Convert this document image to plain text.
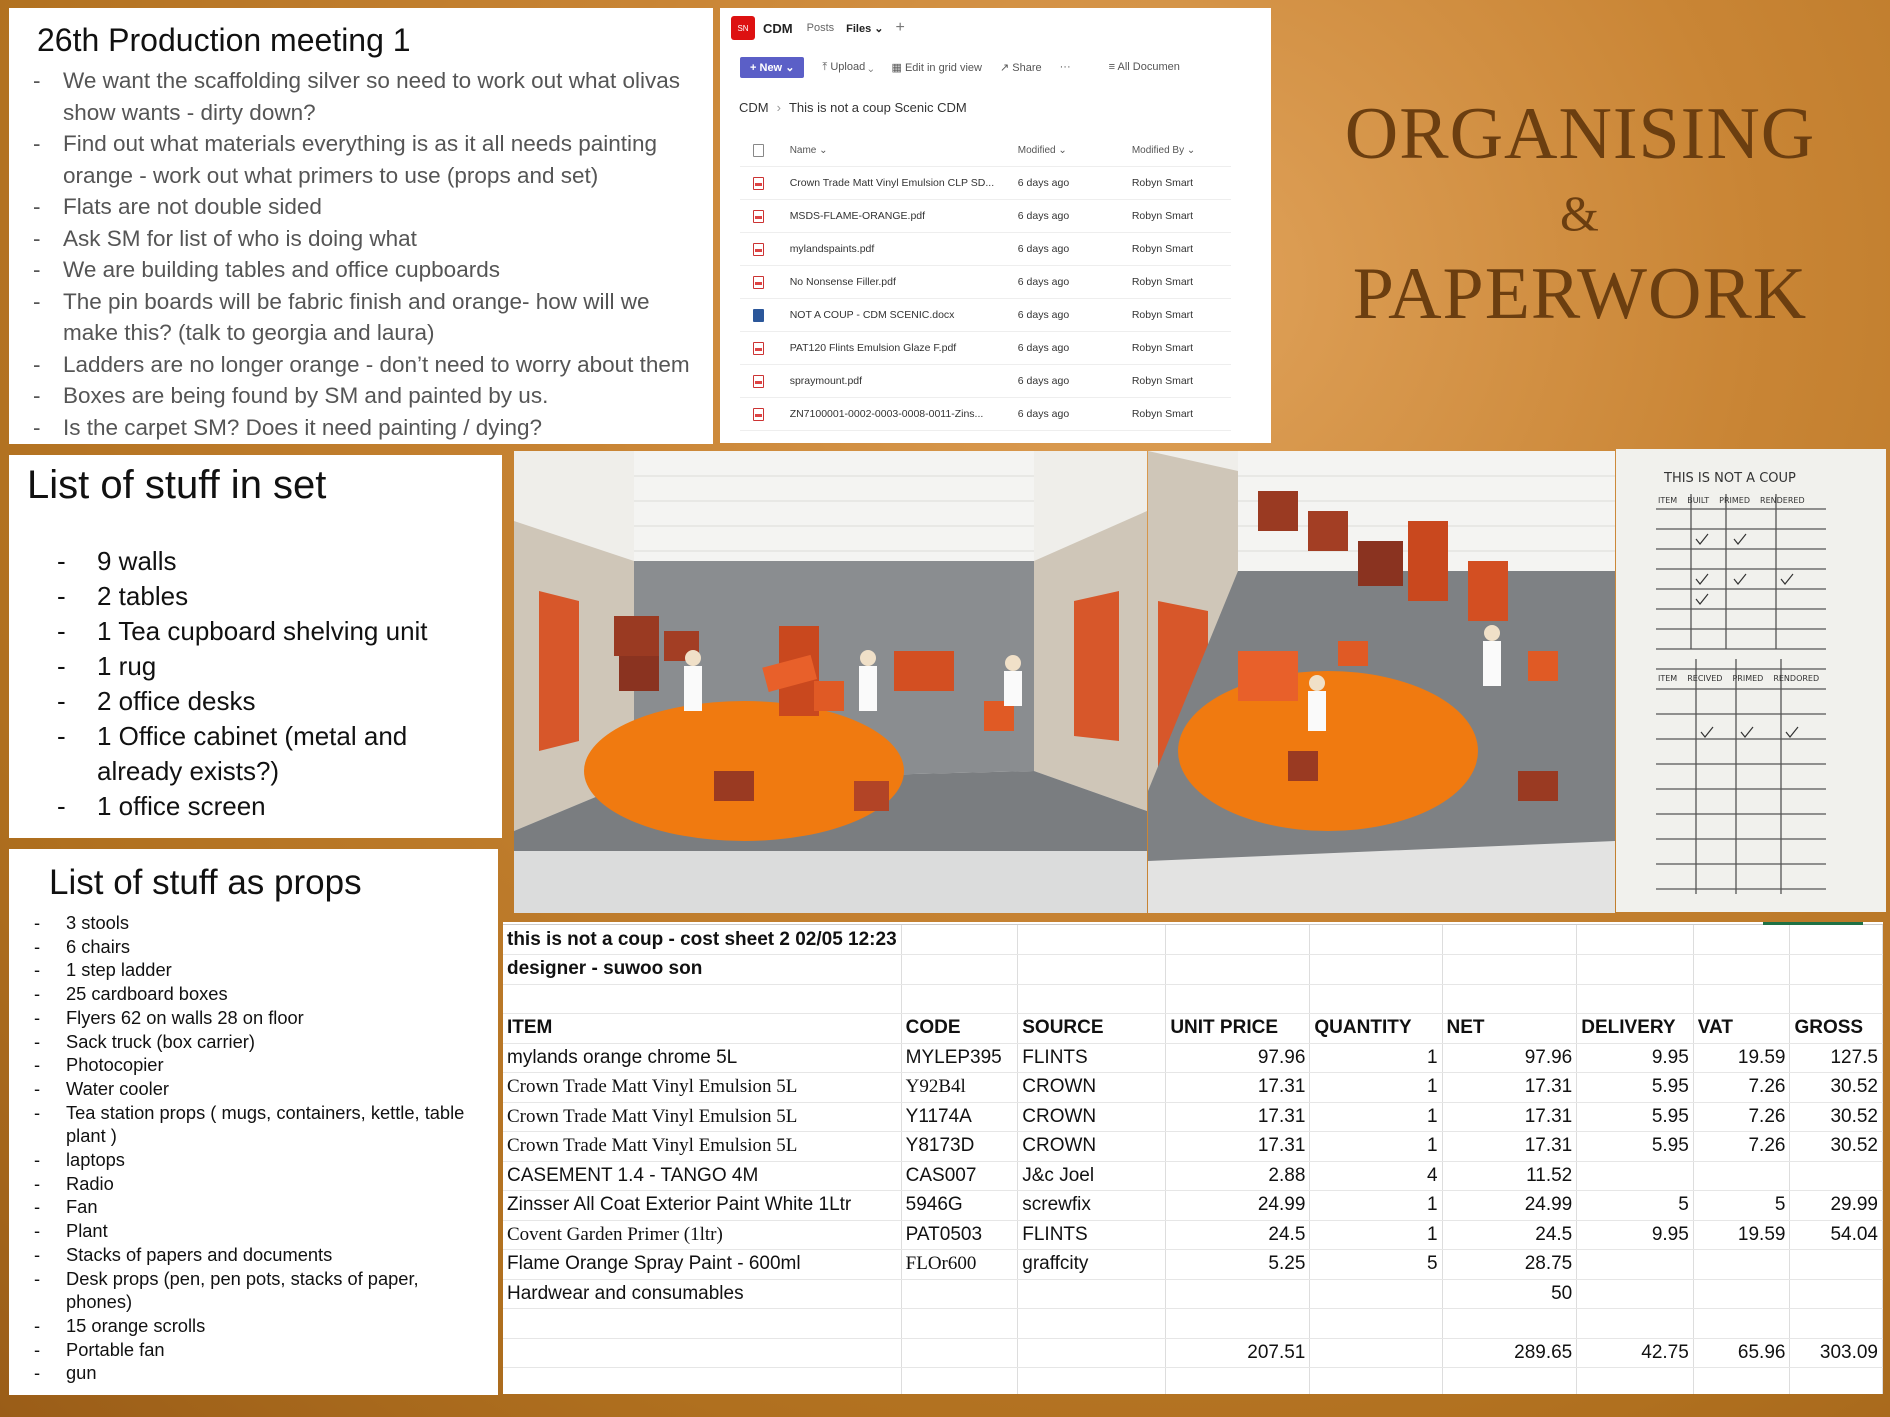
26th Production meeting 1
- We want the scaffolding silver so need to work out what olivas show wants - dirty down?
- Find out what materials everything is as it all needs painting orange - work out what primers to use (props and set)
- Flats are not double sided
- Ask SM for list of who is doing what
- We are building tables and office cupboards
- The pin boards will be fabric finish and orange- how will we make this? (talk to georgia and laura)
- Ladders are no longer orange - don’t need to worry about them
- Boxes are being found by SM and painted by us.
- Is the carpet SM? Does it need painting / dying?
SN	CDM Posts Files ⌄ +
+ New ⌄	⤒ Upload ⌄ ▦ Edit in grid view ↗ Share ···	≡ All Documen
CDM › This is not a coup Scenic CDM
Name ⌄	Modified ⌄	Modified By ⌄
Crown Trade Matt Vinyl Emulsion CLP SD...	6 days ago	Robyn Smart
MSDS-FLAME-ORANGE.pdf	6 days ago	Robyn Smart
mylandspaints.pdf	6 days ago	Robyn Smart
No Nonsense Filler.pdf	6 days ago	Robyn Smart
NOT A COUP - CDM SCENIC.docx	6 days ago	Robyn Smart
PAT120 Flints Emulsion Glaze F.pdf	6 days ago	Robyn Smart
spraymount.pdf	6 days ago	Robyn Smart
ZN7100001-0002-0003-0008-0011-Zins...	6 days ago	Robyn Smart
ORGANISING
&
PAPERWORK
List of stuff in set
- 9 walls
- 2 tables
- 1 Tea cupboard shelving unit
- 1 rug
- 2 office desks
- 1 Office cabinet (metal and already exists?)
- 1 office screen
List of stuff as props
- 3 stools
- 6 chairs
- 1 step ladder
- 25 cardboard boxes
- Flyers 62 on walls 28 on floor
- Sack truck (box carrier)
- Photocopier
- Water cooler
- Tea station props ( mugs, containers, kettle, table plant )
- laptops
- Radio
- Fan
- Plant
- Stacks of papers and documents
- Desk props (pen, pen pots, stacks of paper, phones)
- 15 orange scrolls
- Portable fan
- gun
THIS IS NOT A COUP
ITEM BUILT PRIMED RENDERED
ITEM RECIVED PRIMED RENDORED
this is not a coup - cost sheet 2 02/05 12:23								
designer - suwoo son								

ITEM	CODE	SOURCE	UNIT PRICE	QUANTITY	NET	DELIVERY	VAT	GROSS
mylands orange chrome 5L	MYLEP395	FLINTS	97.96	1	97.96	9.95	19.59	127.5
Crown Trade Matt Vinyl Emulsion 5L	Y92B4l	CROWN	17.31	1	17.31	5.95	7.26	30.52
Crown Trade Matt Vinyl Emulsion 5L	Y1174A	CROWN	17.31	1	17.31	5.95	7.26	30.52
Crown Trade Matt Vinyl Emulsion 5L	Y8173D	CROWN	17.31	1	17.31	5.95	7.26	30.52
CASEMENT 1.4 - TANGO 4M	CAS007	J&c Joel	2.88	4	11.52			
Zinsser All Coat Exterior Paint White 1Ltr	5946G	screwfix	24.99	1	24.99	5	5	29.99
Covent Garden Primer (1ltr)	PAT0503	FLINTS	24.5	1	24.5	9.95	19.59	54.04
Flame Orange Spray Paint - 600ml	FLOr600	graffcity	5.25	5	28.75			
Hardwear and consumables					50			

			207.51		289.65	42.75	65.96	303.09
